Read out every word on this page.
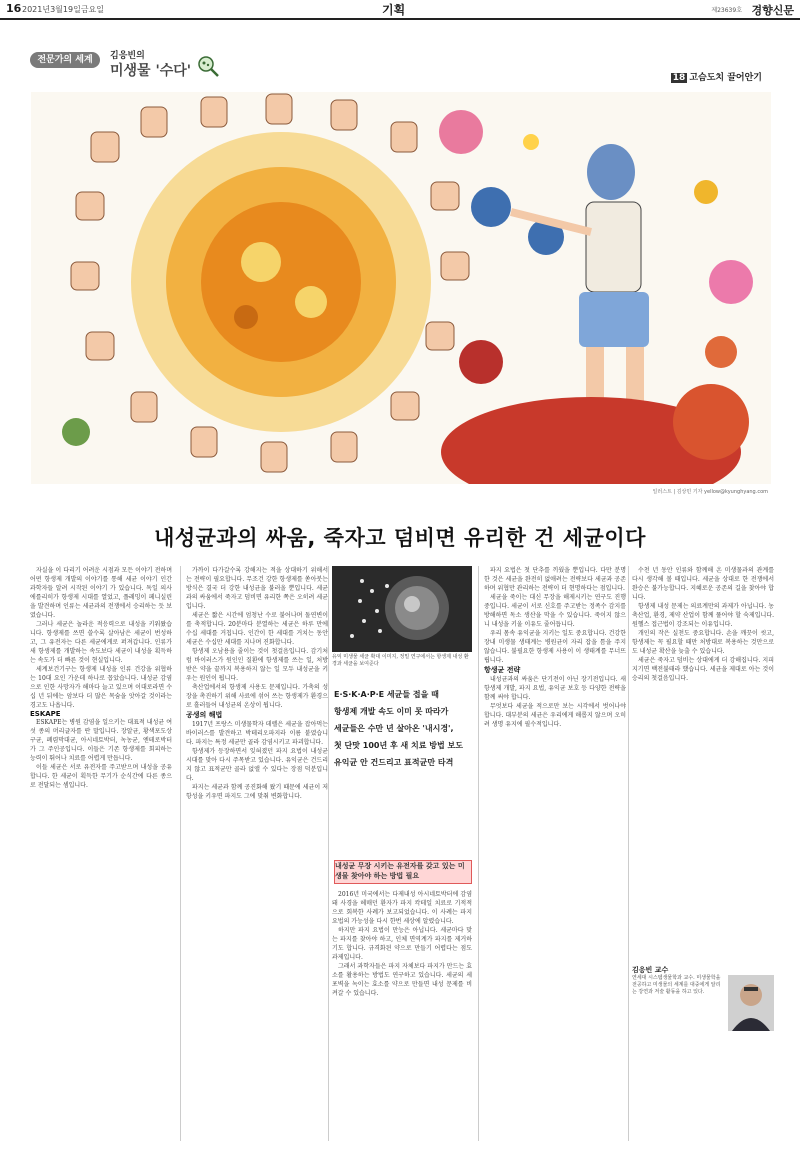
16 2021년3월19일금요일	기획	제23639호 경향신문
전문가의 세계	김응빈의
미생물 '수다'	18 고슴도치 끌어안기
일러스트 | 김상민 기자 yellow@kyunghyang.com
내성균과의 싸움, 죽자고 덤비면 유리한 건 세균이다

자실을 이 다리기 어려운 시점과 모든 이야기 전하며 어떤 항생제 개발의 이야기를 통해 세균 이야기 인간 과학자들 알려 시작된 이야기 가 있습니다. 독일 의사 에를리히가 항생제 시대를 열었고, 플레밍이 페니실린을 발견하며 인류는 세균과의 전쟁에서 승리하는 듯 보였습니다.

그러나 세균은 놀라운 적응력으로 내성을 키워왔습니다. 항생제를 쓰면 쓸수록 살아남은 세균이 번성하고, 그 유전자는 다른 세균에게로 퍼져갑니다. 인류가 새 항생제를 개발하는 속도보다 세균이 내성을 획득하는 속도가 더 빠른 것이 현실입니다.

세계보건기구는 항생제 내성을 인류 건강을 위협하는 10대 요인 가운데 하나로 꼽았습니다. 내성균 감염으로 인한 사망자가 해마다 늘고 있으며 이대로라면 수십 년 뒤에는 암보다 더 많은 목숨을 앗아갈 것이라는 경고도 나옵니다.

ESKAPE

ESKAPE는 병원 감염을 일으키는 대표적 내성균 여섯 종의 머리글자를 딴 말입니다. 장알균, 황색포도상구균, 폐렴막대균, 아시네토박터, 녹농균, 엔테로박터가 그 주인공입니다. 이들은 기존 항생제를 회피하는 능력이 뛰어나 치료를 어렵게 만듭니다.

이들 세균은 서로 유전자를 주고받으며 내성을 공유합니다. 한 세균이 획득한 무기가 순식간에 다른 종으로 전달되는 셈입니다.

가까이 다가갈수록 강해지는 적을 상대하기 위해서는 전략이 필요합니다. 무조건 강한 항생제를 쏟아붓는 방식은 결국 더 강한 내성균을 불러올 뿐입니다. 세균과의 싸움에서 죽자고 덤비면 유리한 쪽은 오히려 세균입니다.

세균은 짧은 시간에 엄청난 수로 불어나며 돌연변이를 축적합니다. 20분마다 분열하는 세균은 하루 만에 수십 세대를 거칩니다. 인간이 한 세대를 거치는 동안 세균은 수십만 세대를 지나며 진화합니다.

항생제 오남용을 줄이는 것이 첫걸음입니다. 감기처럼 바이러스가 원인인 질환에 항생제를 쓰는 일, 처방받은 약을 끝까지 복용하지 않는 일 모두 내성균을 키우는 원인이 됩니다.

축산업에서의 항생제 사용도 문제입니다. 가축의 성장을 촉진하기 위해 사료에 섞어 쓰는 항생제가 환경으로 흘러들어 내성균의 온상이 됩니다.

공생의 해법

1917년 프랑스 미생물학자 데렐은 세균을 잡아먹는 바이러스를 발견하고 박테리오파지라 이름 붙였습니다. 파지는 특정 세균만 골라 감염시키고 파괴합니다.

항생제가 등장하면서 잊혀졌던 파지 요법이 내성균 시대를 맞아 다시 주목받고 있습니다. 유익균은 건드리지 않고 표적균만 골라 없앨 수 있다는 장점 덕분입니다.

파지는 세균과 함께 공진화해 왔기 때문에 세균이 저항성을 키우면 파지도 그에 맞춰 변화합니다.

유익 미생물 세균 확대 이미지, 정밀 연구에서는 항생제 내성 환경과 세균을 보여준다
E·S·K·A·P·E 세균들 접을 때
항생제 개발 속도 이미 못 따라가
세균들은 수만 년 살아온 '내시경',
첫 단맛 100년 후 새 치료 방법 보도
유익균 안 건드리고 표적균만 타격
내성균 무장 시키는 유전자를 갖고 있는 미생물 찾아야 하는 방법 필요

2016년 미국에서는 다제내성 아시네토박터에 감염돼 사경을 헤매던 환자가 파지 칵테일 치료로 기적적으로 회복한 사례가 보고되었습니다. 이 사례는 파지 요법의 가능성을 다시 한번 세상에 알렸습니다.

하지만 파지 요법이 만능은 아닙니다. 세균마다 맞는 파지를 찾아야 하고, 인체 면역계가 파지를 제거하기도 합니다. 규격화된 약으로 만들기 어렵다는 점도 과제입니다.

그래서 과학자들은 파지 자체보다 파지가 만드는 효소를 활용하는 방법도 연구하고 있습니다. 세균의 세포벽을 녹이는 효소를 약으로 만들면 내성 문제를 비켜갈 수 있습니다.

파지 요법은 첫 단추를 끼웠을 뿐입니다. 다만 분명한 것은 세균을 완전히 없애려는 전략보다 세균과 공존하며 위협만 관리하는 전략이 더 현명하다는 점입니다.

세균을 죽이는 대신 무장을 해제시키는 연구도 진행 중입니다. 세균이 서로 신호를 주고받는 정족수 감지를 방해하면 독소 생산을 막을 수 있습니다. 죽이지 않으니 내성을 키울 이유도 줄어듭니다.

우리 몸속 유익균을 지키는 일도 중요합니다. 건강한 장내 미생물 생태계는 병원균이 자리 잡을 틈을 주지 않습니다. 불필요한 항생제 사용이 이 생태계를 무너뜨립니다.

항생균 전략

내성균과의 싸움은 단기전이 아닌 장기전입니다. 새 항생제 개발, 파지 요법, 유익균 보호 등 다양한 전략을 함께 써야 합니다.

무엇보다 세균을 적으로만 보는 시각에서 벗어나야 합니다. 대부분의 세균은 우리에게 해롭지 않으며 오히려 생명 유지에 필수적입니다.

수천 년 동안 인류와 함께해 온 미생물과의 관계를 다시 생각해 볼 때입니다. 세균을 상대로 한 전쟁에서 완승은 불가능합니다. 지혜로운 공존의 길을 찾아야 합니다.

항생제 내성 문제는 의료계만의 과제가 아닙니다. 농축산업, 환경, 제약 산업이 함께 풀어야 할 숙제입니다. 원헬스 접근법이 강조되는 이유입니다.

개인의 작은 실천도 중요합니다. 손을 깨끗이 씻고, 항생제는 꼭 필요할 때만 처방대로 복용하는 것만으로도 내성균 확산을 늦출 수 있습니다.

세균은 죽자고 덤비는 상대에게 더 강해집니다. 지피지기면 백전불태라 했습니다. 세균을 제대로 아는 것이 승리의 첫걸음입니다.

김응빈 교수
연세대 시스템생물학과 교수. 미생물학을 전공하고 미생물의 세계를 대중에게 알리는 강연과 저술 활동을 하고 있다.
